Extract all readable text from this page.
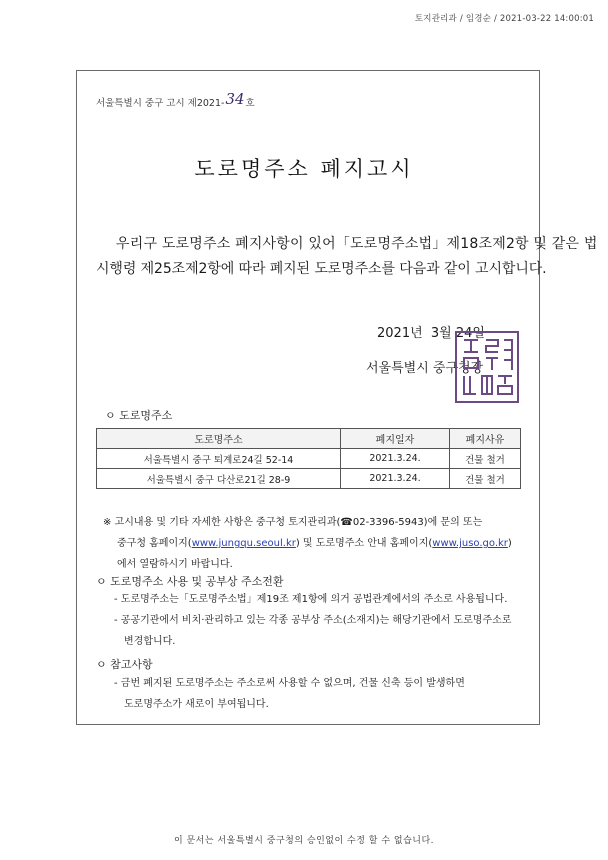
토지관리과 / 임경순 / 2021-03-22 14:00:01
서울특별시 중구 고시 제2021-34호
도로명주소 폐지고시
우리구 도로명주소 폐지사항이 있어「도로명주소법」제18조제2항 및 같은 법
시행령 제25조제2항에 따라 폐지된 도로명주소를 다음과 같이 고시합니다.
2021년  3월 24일
서울특별시 중구청장
ㅇ 도로명주소
도로명주소	폐지일자	폐지사유
서울특별시 중구 퇴계로24길 52-14	2021.3.24.	건물 철거
서울특별시 중구 다산로21길 28-9	2021.3.24.	건물 철거
※ 고시내용 및 기타 자세한 사항은 중구청 토지관리과(☎02-3396-5943)에 문의 또는
중구청 홈페이지(www.jungqu.seoul.kr) 및 도로명주소 안내 홈페이지(www.juso.go.kr)
에서 열람하시기 바랍니다.
ㅇ 도로명주소 사용 및 공부상 주소전환
- 도로명주소는「도로명주소법」제19조 제1항에 의거 공법관계에서의 주소로 사용됩니다.
- 공공기관에서 비치·관리하고 있는 각종 공부상 주소(소재지)는 해당기관에서 도로명주소로
변경합니다.
ㅇ 참고사항
- 금번 폐지된 도로명주소는 주소로써 사용할 수 없으며, 건물 신축 등이 발생하면
도로명주소가 새로이 부여됩니다.
이 문서는 서울특별시 중구청의 승인없이 수정 할 수 없습니다.
